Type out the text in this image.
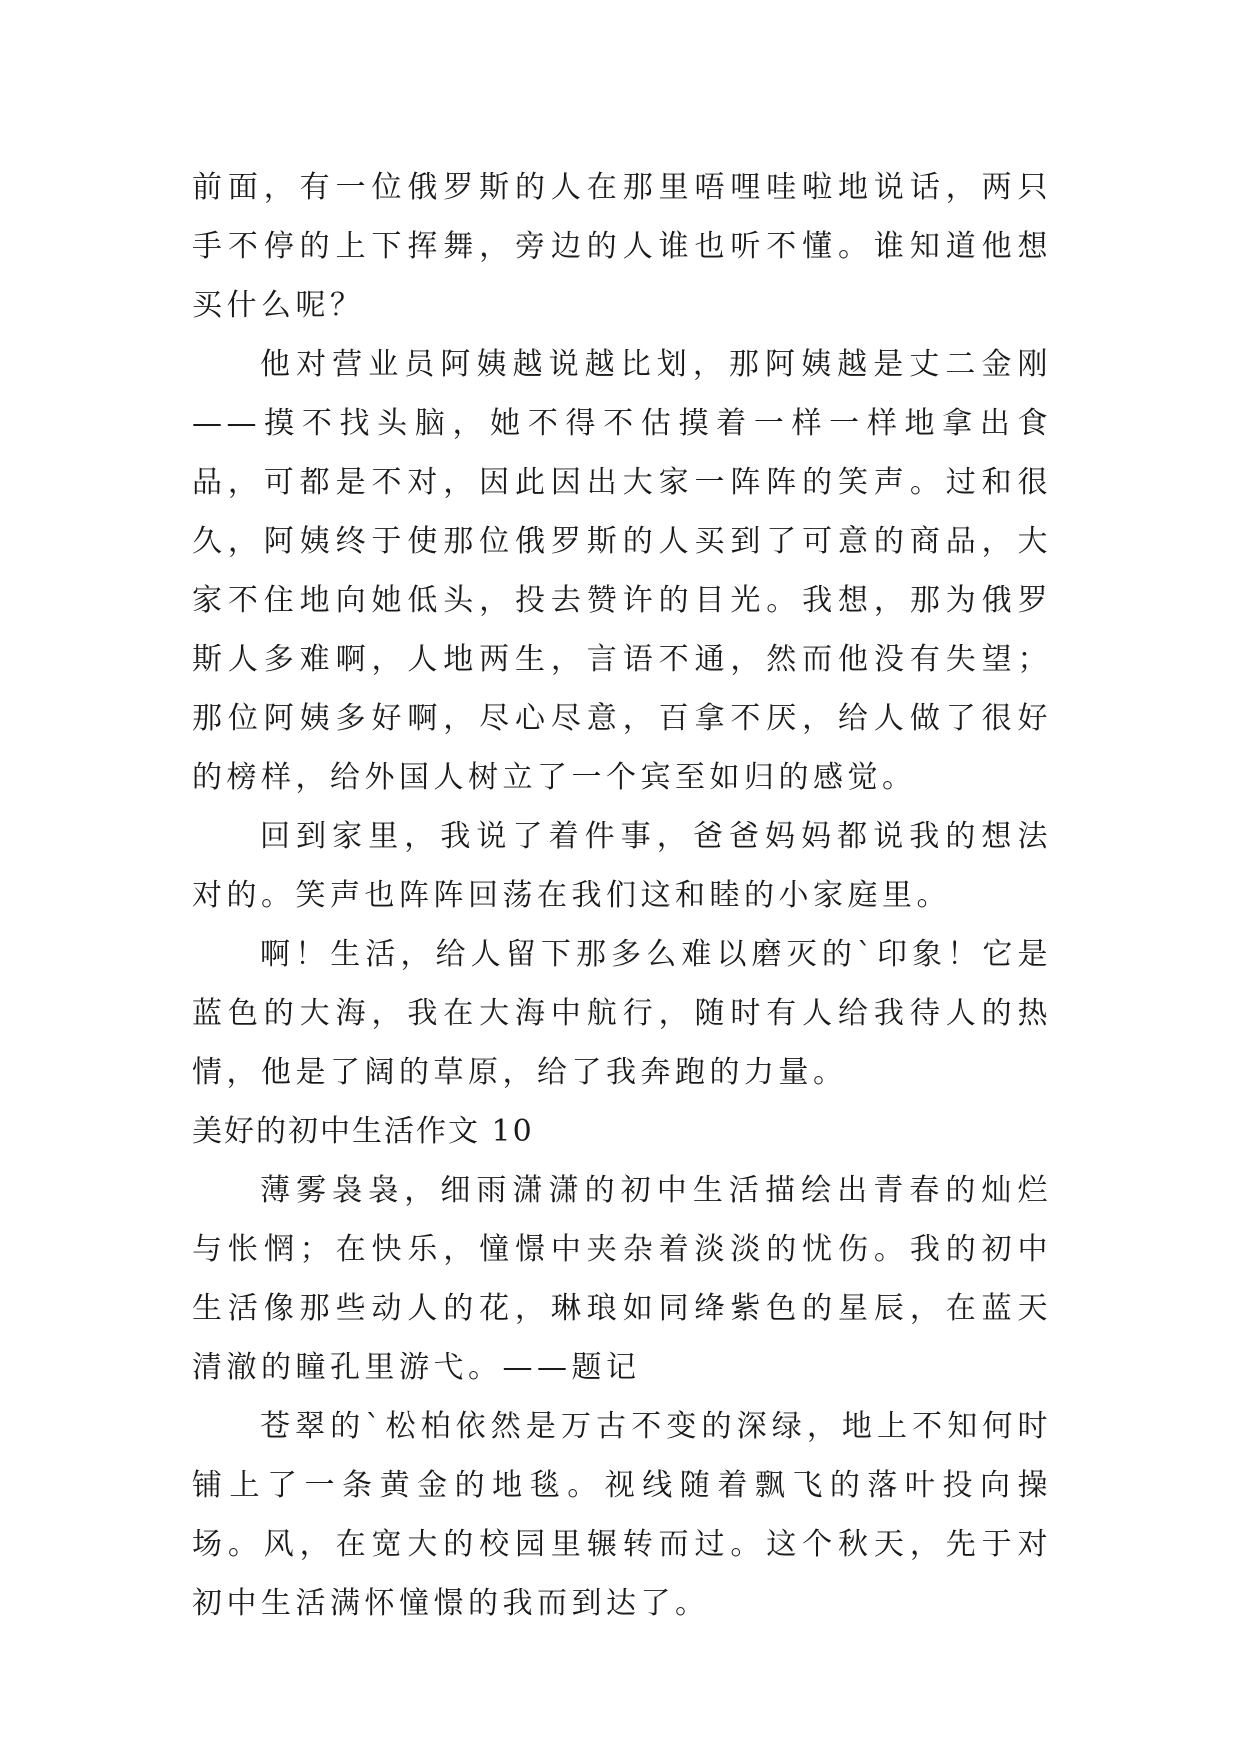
前面，有一位俄罗斯的人在那里唔哩哇啦地说话，两只手不停的上下挥舞，旁边的人谁也听不懂。谁知道他想买什么呢？

他对营业员阿姨越说越比划，那阿姨越是丈二金刚——摸不找头脑，她不得不估摸着一样一样地拿出食品，可都是不对，因此因出大家一阵阵的笑声。过和很久，阿姨终于使那位俄罗斯的人买到了可意的商品，大家不住地向她低头，投去赞许的目光。我想，那为俄罗斯人多难啊，人地两生，言语不通，然而他没有失望；那位阿姨多好啊，尽心尽意，百拿不厌，给人做了很好的榜样，给外国人树立了一个宾至如归的感觉。

回到家里，我说了着件事，爸爸妈妈都说我的想法对的。笑声也阵阵回荡在我们这和睦的小家庭里。

啊！生活，给人留下那多么难以磨灭的`印象！它是蓝色的大海，我在大海中航行，随时有人给我待人的热情，他是了阔的草原，给了我奔跑的力量。

美好的初中生活作文 10

薄雾袅袅，细雨潇潇的初中生活描绘出青春的灿烂与怅惘；在快乐，憧憬中夹杂着淡淡的忧伤。我的初中生活像那些动人的花，琳琅如同绛紫色的星辰，在蓝天清澈的瞳孔里游弋。——题记

苍翠的`松柏依然是万古不变的深绿，地上不知何时铺上了一条黄金的地毯。视线随着飘飞的落叶投向操场。风，在宽大的校园里辗转而过。这个秋天，先于对初中生活满怀憧憬的我而到达了。
